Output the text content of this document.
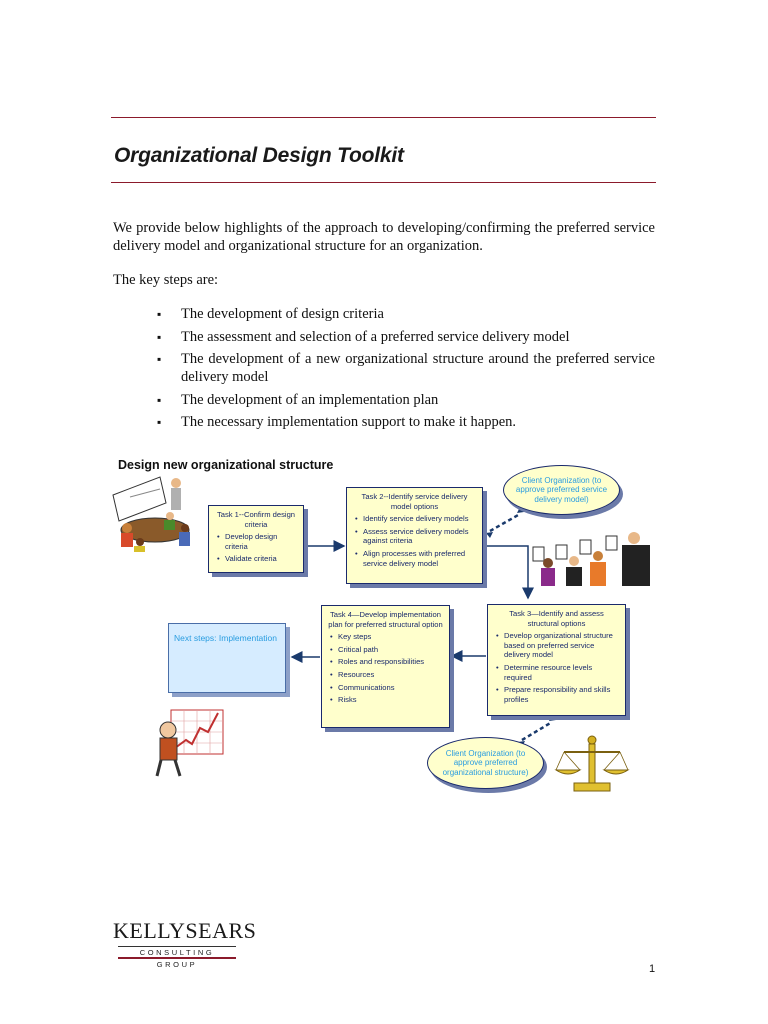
Organizational Design Toolkit
We provide below highlights of the approach to developing/confirming the preferred service delivery model and organizational structure for an organization.
The key steps are:
▪ The development of design criteria
▪ The assessment and selection of a preferred service delivery model
▪ The development of a new organizational structure around the preferred service delivery model
▪ The development of an implementation plan
▪ The necessary implementation support to make it happen.
Design new organizational structure
Task 1--Confirm design criteria
• Develop design criteria
• Validate criteria
Task 2--Identify service delivery model options
• Identify service delivery models
• Assess service delivery models against criteria
• Align processes with preferred service delivery model
Task 3—Identify and assess structural options
• Develop organizational structure based on preferred service delivery model
• Determine resource levels required
• Prepare responsibility and skills profiles
Task 4—Develop implementation plan for preferred structural option
• Key steps
• Critical path
• Roles and responsibilities
• Resources
• Communications
• Risks
Next steps: Implementation
Client Organization (to approve preferred service delivery model)
Client Organization (to approve preferred organizational structure)
KELLYSEARS
CONSULTING GROUP	1
